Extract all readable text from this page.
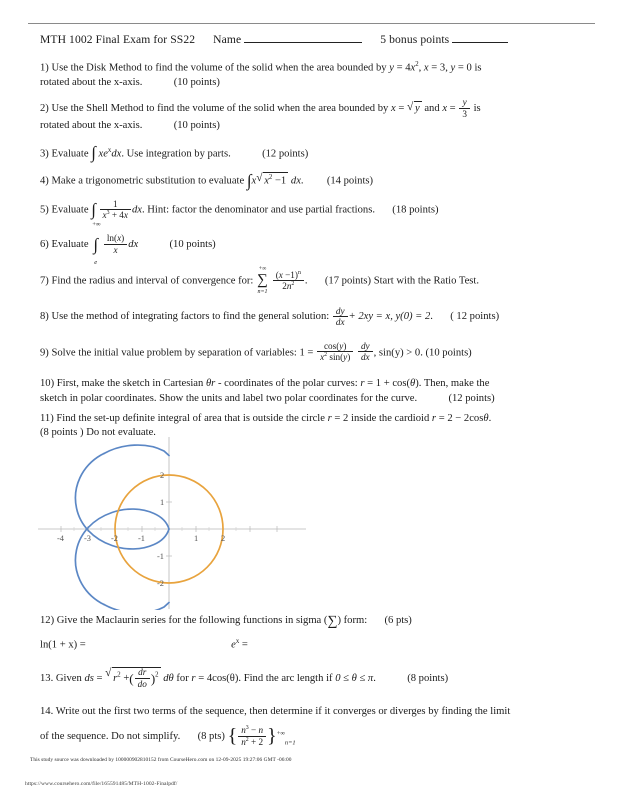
MTH 1002 Final Exam for SS22 Name	5 bonus points
1) Use the Disk Method to find the volume of the solid when the area bounded by $y = 4x^2$, x = 3, y = 0 is
rotated about the x-axis.	(10 points)
2) Use the Shell Method to find the volume of the solid when the area bounded by x = √ y and $x = \frac{y}{3}$ is
rotated about the x-axis.	(10 points)
3) Evaluate ∫ $xe^xdx$. Use integration by parts.	(12 points)
4) Make a trigonometric substitution to evaluate ∫x √ $x^2 -1$ dx. (14 points)
5) Evaluate ∫ $\frac{1}{x^3 + 4x}$ dx. Hint: factor the denominator and use partial fractions. (18 points)
6) Evaluate ∫
+∞
e

$\frac{\ln(x)}{x}$ dx	(10 points)
7) Find the radius and interval of convergence for:
+∞
∑
n=1

$\frac{(x -1)^n}{2n^2}$ . (17 points) Start with the Ratio Test.
8) Use the method of integrating factors to find the general solution: $\frac{dy}{dx} + 2xy = x$, y(0) = 2.  ( 12 points)
9) Solve the initial value problem by separation of variables: $1 = \frac{\cos(y)}{x^2 \sin(y)}$
$\frac{dy}{dx}$ , sin(y) > 0. (10 points)
10) First, make the sketch in Cartesian θr - coordinates of the polar curves: r = 1 + cos(θ). Then, make the
sketch in polar coordinates. Show the units and label two polar coordinates for the curve.	(12 points)
11) Find the set-up definite integral of area that is outside the circle r = 2 inside the cardioid r = 2 − 2cosθ.
(8 points ) Do not evaluate.
-4 -3 -2 -1	1	2
2
1
-1
-2
12) Give the Maclaurin series for the following functions in sigma (∑) form: (6 pts)
ln(1 + x) =	$e^x$ =
13. Given ds = √ $r^2$ +( $\frac{dr}{do} )^2$ dθ for r = 4cos(θ). Find the arc length if 0 ≤ θ ≤ π.	(8 points)
14. Write out the first two terms of the sequence, then determine if it converges or diverges by finding the limit
of the sequence. Do not simplify. (8 pts) { $\frac{n^3 - n}{n^2 + 2} \}^{+\infty}_{n=1}$
This study source was downloaded by 100000902810152 from CourseHero.com on 12-09-2025 19:27:06 GMT -06:00
https://www.coursehero.com/file/165591485/MTH-1002-Finalpdf/
